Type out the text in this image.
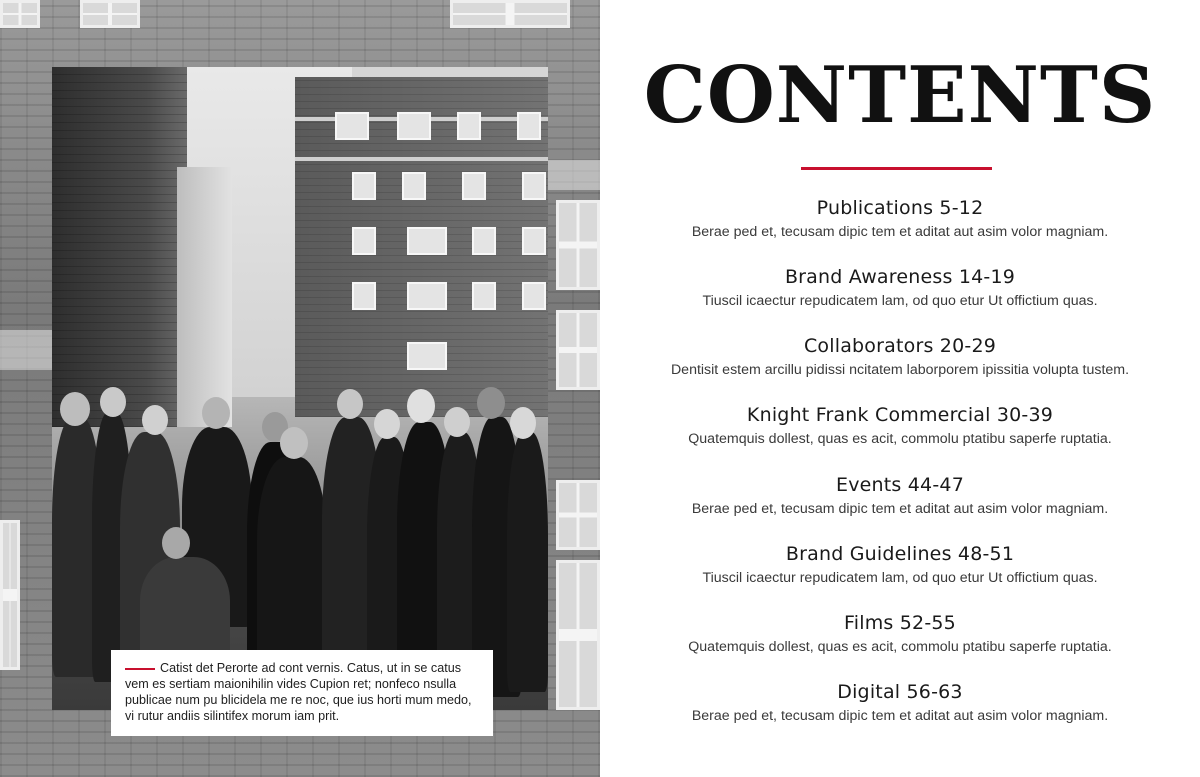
Catist det Perorte ad cont vernis. Catus, ut in se catus vem es sertiam maionihilin vides Cupion ret; nonfeco nsulla publicae num pu blicidela me re noc, que ius horti mum medo, vi rutur andiis silintifex morum iam prit.

CONTENTS
Publications 5-12
Berae ped et, tecusam dipic tem et aditat aut asim volor magniam.
Brand Awareness 14-19
Tiuscil icaectur repudicatem lam, od quo etur Ut offictium quas.
Collaborators 20-29
Dentisit estem arcillu pidissi ncitatem laborporem ipissitia volupta tustem.
Knight Frank Commercial 30-39
Quatemquis dollest, quas es acit, commolu ptatibu saperfe ruptatia.
Events 44-47
Berae ped et, tecusam dipic tem et aditat aut asim volor magniam.
Brand Guidelines 48-51
Tiuscil icaectur repudicatem lam, od quo etur Ut offictium quas.
Films 52-55
Quatemquis dollest, quas es acit, commolu ptatibu saperfe ruptatia.
Digital 56-63
Berae ped et, tecusam dipic tem et aditat aut asim volor magniam.
